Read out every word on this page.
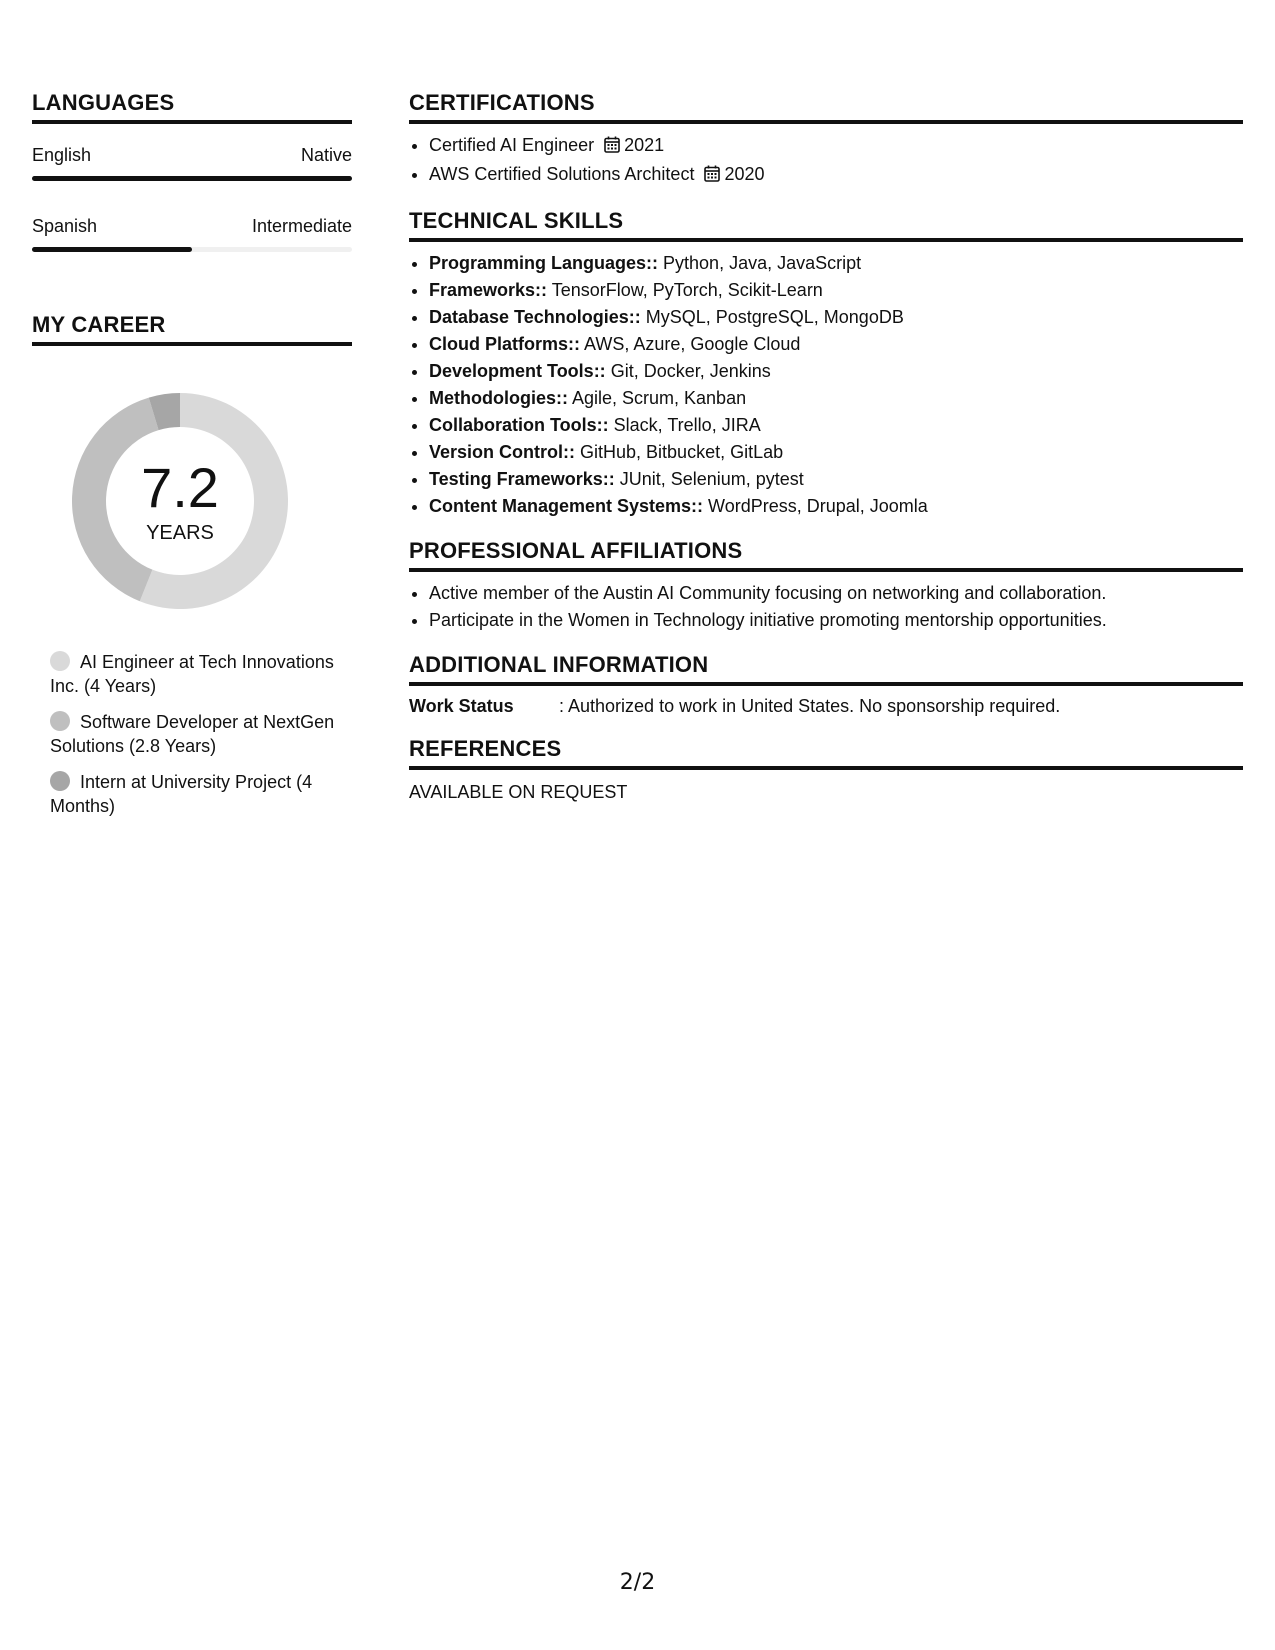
LANGUAGES
English	Native
Spanish	Intermediate
MY CAREER
7.2
YEARS
AI Engineer at Tech Innovations Inc. (4 Years)
Software Developer at NextGen Solutions (2.8 Years)
Intern at University Project (4 Months)
CERTIFICATIONS
• Certified AI Engineer 2021
• AWS Certified Solutions Architect 2020
TECHNICAL SKILLS
• Programming Languages:: Python, Java, JavaScript
• Frameworks:: TensorFlow, PyTorch, Scikit-Learn
• Database Technologies:: MySQL, PostgreSQL, MongoDB
• Cloud Platforms:: AWS, Azure, Google Cloud
• Development Tools:: Git, Docker, Jenkins
• Methodologies:: Agile, Scrum, Kanban
• Collaboration Tools:: Slack, Trello, JIRA
• Version Control:: GitHub, Bitbucket, GitLab
• Testing Frameworks:: JUnit, Selenium, pytest
• Content Management Systems:: WordPress, Drupal, Joomla
PROFESSIONAL AFFILIATIONS
• Active member of the Austin AI Community focusing on networking and collaboration.
• Participate in the Women in Technology initiative promoting mentorship opportunities.
ADDITIONAL INFORMATION
Work Status	: Authorized to work in United States. No sponsorship required.
REFERENCES
AVAILABLE ON REQUEST
2/2
